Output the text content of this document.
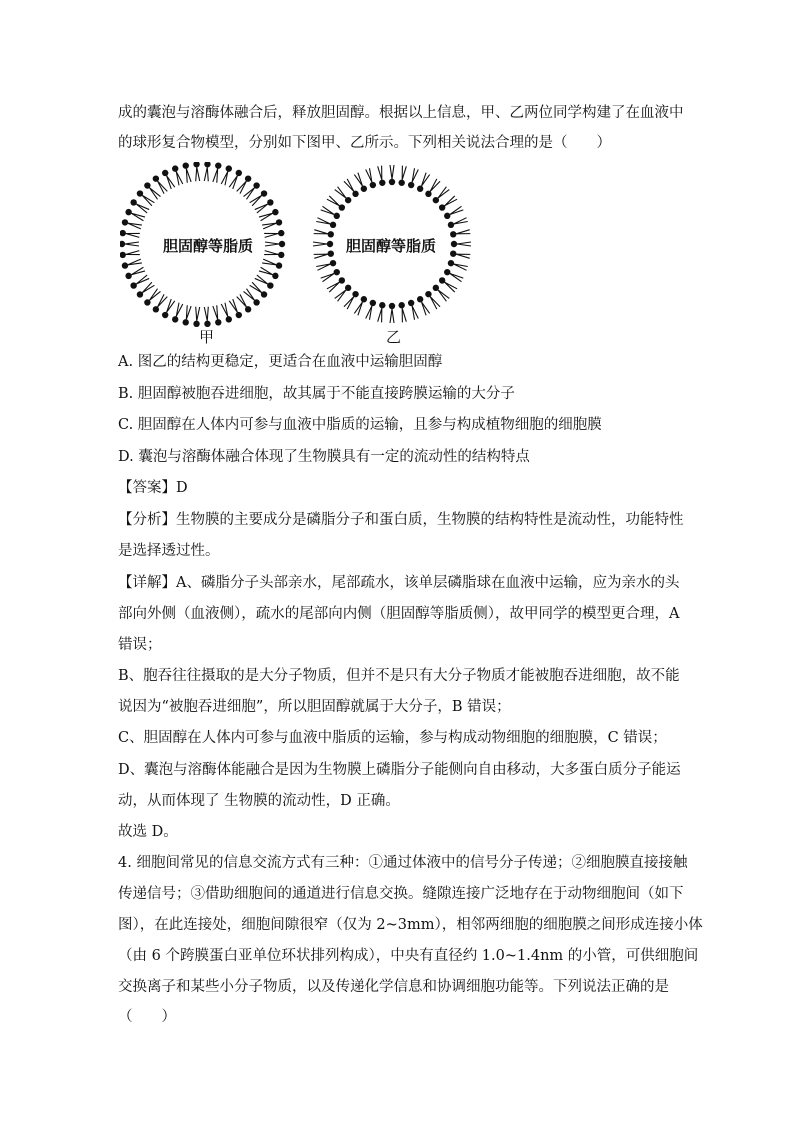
成的囊泡与溶酶体融合后，释放胆固醇。根据以上信息，甲、乙两位同学构建了在血液中
的球形复合物模型，分别如下图甲、乙所示。下列相关说法合理的是（　　）
胆固醇等脂质	胆固醇等脂质
甲	乙
A. 图乙的结构更稳定，更适合在血液中运输胆固醇
B. 胆固醇被胞吞进细胞，故其属于不能直接跨膜运输的大分子
C. 胆固醇在人体内可参与血液中脂质的运输，且参与构成植物细胞的细胞膜
D. 囊泡与溶酶体融合体现了生物膜具有一定的流动性的结构特点
【答案】D
【分析】生物膜的主要成分是磷脂分子和蛋白质，生物膜的结构特性是流动性，功能特性
是选择透过性。
【详解】A、磷脂分子头部亲水，尾部疏水，该单层磷脂球在血液中运输，应为亲水的头
部向外侧（血液侧），疏水的尾部向内侧（胆固醇等脂质侧），故甲同学的模型更合理，A
错误；
B、胞吞往往摄取的是大分子物质，但并不是只有大分子物质才能被胞吞进细胞，故不能
说因为“被胞吞进细胞”，所以胆固醇就属于大分子，B 错误；
C、胆固醇在人体内可参与血液中脂质的运输，参与构成动物细胞的细胞膜，C 错误；
D、囊泡与溶酶体能融合是因为生物膜上磷脂分子能侧向自由移动，大多蛋白质分子能运
动，从而体现了 生物膜的流动性，D 正确。
故选 D。
4. 细胞间常见的信息交流方式有三种：①通过体液中的信号分子传递；②细胞膜直接接触
传递信号；③借助细胞间的通道进行信息交换。缝隙连接广泛地存在于动物细胞间（如下
图），在此连接处，细胞间隙很窄（仅为 2~3mm），相邻两细胞的细胞膜之间形成连接小体
（由 6 个跨膜蛋白亚单位环状排列构成），中央有直径约 1.0~1.4nm 的小管，可供细胞间
交换离子和某些小分子物质，以及传递化学信息和协调细胞功能等。下列说法正确的是
（　　）
